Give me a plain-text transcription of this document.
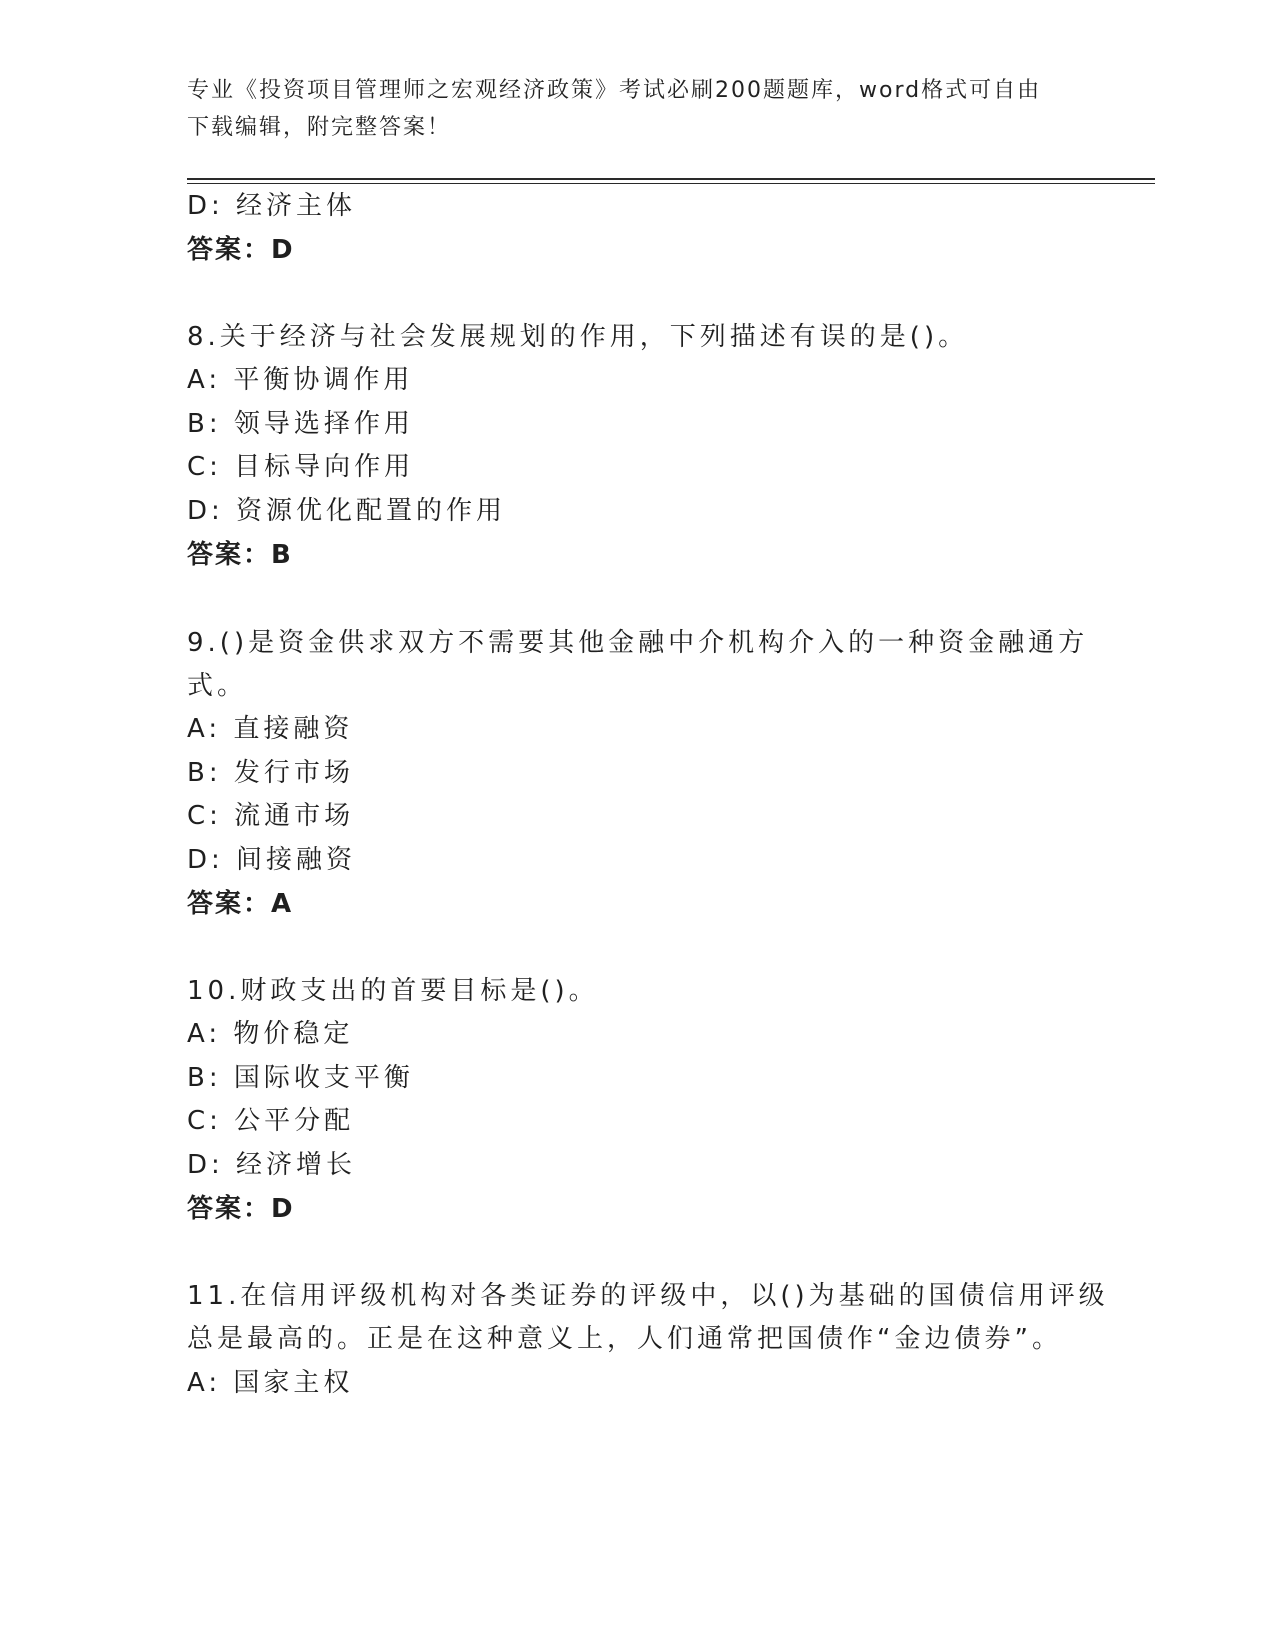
专业《投资项目管理师之宏观经济政策》考试必刷200题题库，word格式可自由
下载编辑，附完整答案！
D: 经济主体
答案：D
8.关于经济与社会发展规划的作用，下列描述有误的是()。
A: 平衡协调作用
B: 领导选择作用
C: 目标导向作用
D: 资源优化配置的作用
答案：B
9.()是资金供求双方不需要其他金融中介机构介入的一种资金融通方
式。
A: 直接融资
B: 发行市场
C: 流通市场
D: 间接融资
答案：A
10.财政支出的首要目标是()。
A: 物价稳定
B: 国际收支平衡
C: 公平分配
D: 经济增长
答案：D
11.在信用评级机构对各类证券的评级中，以()为基础的国债信用评级
总是最高的。正是在这种意义上，人们通常把国债作“金边债券”。
A: 国家主权
